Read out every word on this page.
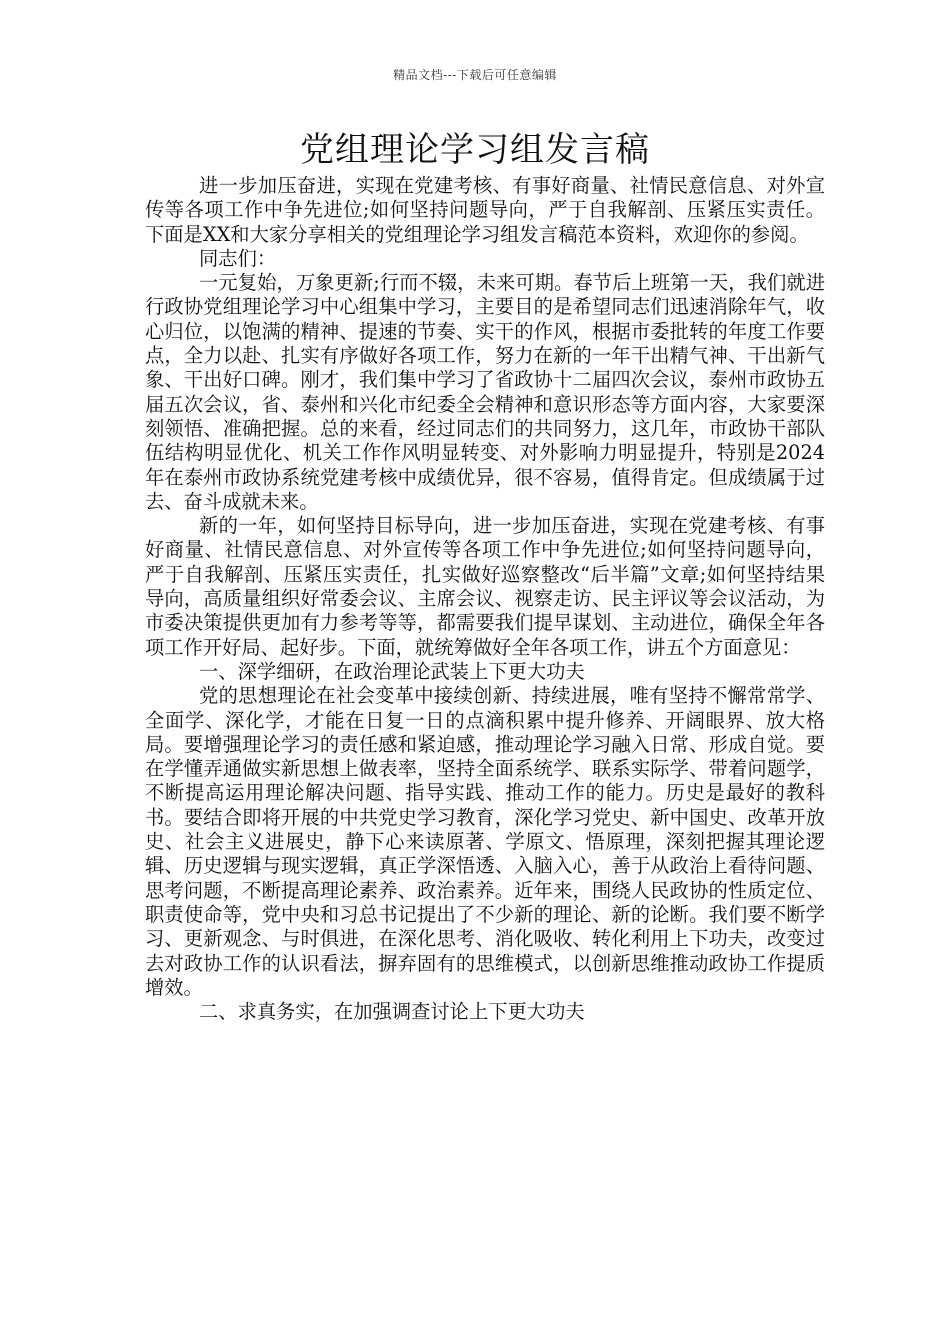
精品文档---下载后可任意编辑
党组理论学习组发言稿

进一步加压奋进，实现在党建考核、有事好商量、社情民意信息、对外宣传等各项工作中争先进位;如何坚持问题导向，严于自我解剖、压紧压实责任。下面是XX和大家分享相关的党组理论学习组发言稿范本资料，欢迎你的参阅。

同志们：

一元复始，万象更新;行而不辍，未来可期。春节后上班第一天，我们就进行政协党组理论学习中心组集中学习，主要目的是希望同志们迅速消除年气，收心归位，以饱满的精神、提速的节奏、实干的作风，根据市委批转的年度工作要点，全力以赴、扎实有序做好各项工作，努力在新的一年干出精气神、干出新气象、干出好口碑。刚才，我们集中学习了省政协十二届四次会议，泰州市政协五届五次会议，省、泰州和兴化市纪委全会精神和意识形态等方面内容，大家要深刻领悟、准确把握。总的来看，经过同志们的共同努力，这几年，市政协干部队伍结构明显优化、机关工作作风明显转变、对外影响力明显提升，特别是2024年在泰州市政协系统党建考核中成绩优异，很不容易，值得肯定。但成绩属于过去、奋斗成就未来。

新的一年，如何坚持目标导向，进一步加压奋进，实现在党建考核、有事好商量、社情民意信息、对外宣传等各项工作中争先进位;如何坚持问题导向，严于自我解剖、压紧压实责任，扎实做好巡察整改“后半篇”文章;如何坚持结果导向，高质量组织好常委会议、主席会议、视察走访、民主评议等会议活动，为市委决策提供更加有力参考等等，都需要我们提早谋划、主动进位，确保全年各项工作开好局、起好步。下面，就统筹做好全年各项工作，讲五个方面意见：

一、深学细研，在政治理论武装上下更大功夫

党的思想理论在社会变革中接续创新、持续进展，唯有坚持不懈常常学、全面学、深化学，才能在日复一日的点滴积累中提升修养、开阔眼界、放大格局。要增强理论学习的责任感和紧迫感，推动理论学习融入日常、形成自觉。要在学懂弄通做实新思想上做表率，坚持全面系统学、联系实际学、带着问题学，不断提高运用理论解决问题、指导实践、推动工作的能力。历史是最好的教科书。要结合即将开展的中共党史学习教育，深化学习党史、新中国史、改革开放史、社会主义进展史，静下心来读原著、学原文、悟原理，深刻把握其理论逻辑、历史逻辑与现实逻辑，真正学深悟透、入脑入心，善于从政治上看待问题、思考问题，不断提高理论素养、政治素养。近年来，围绕人民政协的性质定位、职责使命等，党中央和习总书记提出了不少新的理论、新的论断。我们要不断学习、更新观念、与时俱进，在深化思考、消化吸收、转化利用上下功夫，改变过去对政协工作的认识看法，摒弃固有的思维模式，以创新思维推动政协工作提质增效。

二、求真务实，在加强调查讨论上下更大功夫
